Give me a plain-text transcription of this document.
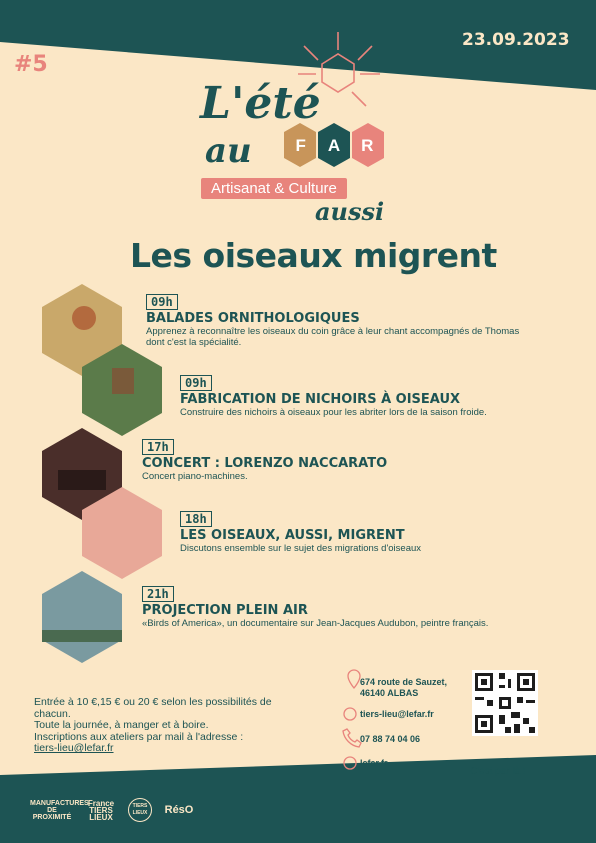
23.09.2023
#5
L'été
au	F	A	R
Artisanat & Culture
aussi
Les oiseaux migrent
09h
BALADES ORNITHOLOGIQUES
Apprenez à reconnaître les oiseaux du coin grâce à leur chant accompagnés de Thomas dont c'est la spécialité.
09h
FABRICATION DE NICHOIRS À OISEAUX
Construire des nichoirs à oiseaux pour les abriter lors de la saison froide.
17h
CONCERT : LORENZO NACCARATO
Concert piano-machines.
18h
LES OISEAUX, AUSSI, MIGRENT
Discutons ensemble sur le sujet des migrations d'oiseaux
21h
PROJECTION PLEIN AIR
«Birds of America», un documentaire sur Jean-Jacques Audubon, peintre français.
Entrée à 10 €,15 € ou 20 € selon les possibilités de chacun.
Toute la journée, à manger et à boire.
Inscriptions aux ateliers par mail à l'adresse :
tiers-lieu@lefar.fr
674 route de Sauzet,
46140 ALBAS
tiers-lieu@lefar.fr
07 88 74 04 06
lefar.fr
C'est par là !
MANUFACTURES DE PROXIMITÉ
France TIERS LIEUX
TIERS LIEUX	RésO
